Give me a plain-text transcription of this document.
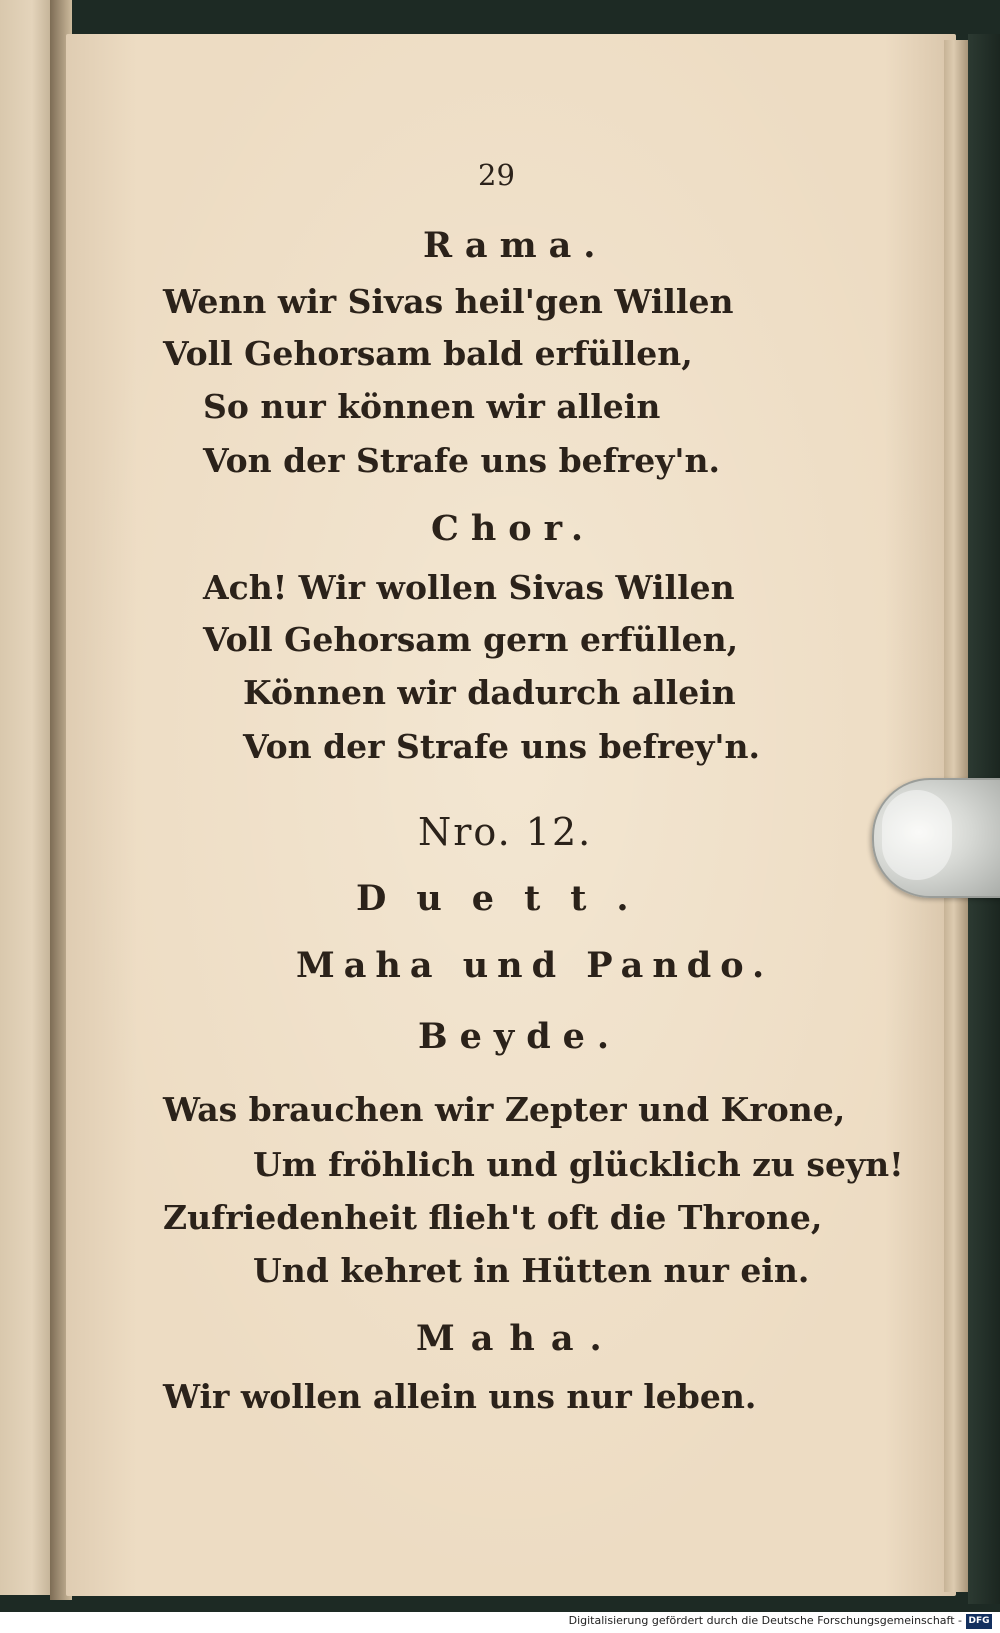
29
Rama.
Wenn wir Sivas heil'gen Willen
Voll Gehorsam bald erfüllen,
So nur können wir allein
Von der Strafe uns befrey'n.
Chor.
Ach! Wir wollen Sivas Willen
Voll Gehorsam gern erfüllen,
Können wir dadurch allein
Von der Strafe uns befrey'n.
Nro. 12.
Duett.
Maha und Pando.
Beyde.
Was brauchen wir Zepter und Krone,
Um fröhlich und glücklich zu seyn!
Zufriedenheit flieh't oft die Throne,
Und kehret in Hütten nur ein.
Maha.
Wir wollen allein uns nur leben.
Digitalisierung gefördert durch die Deutsche Forschungsgemeinschaft - DFG
